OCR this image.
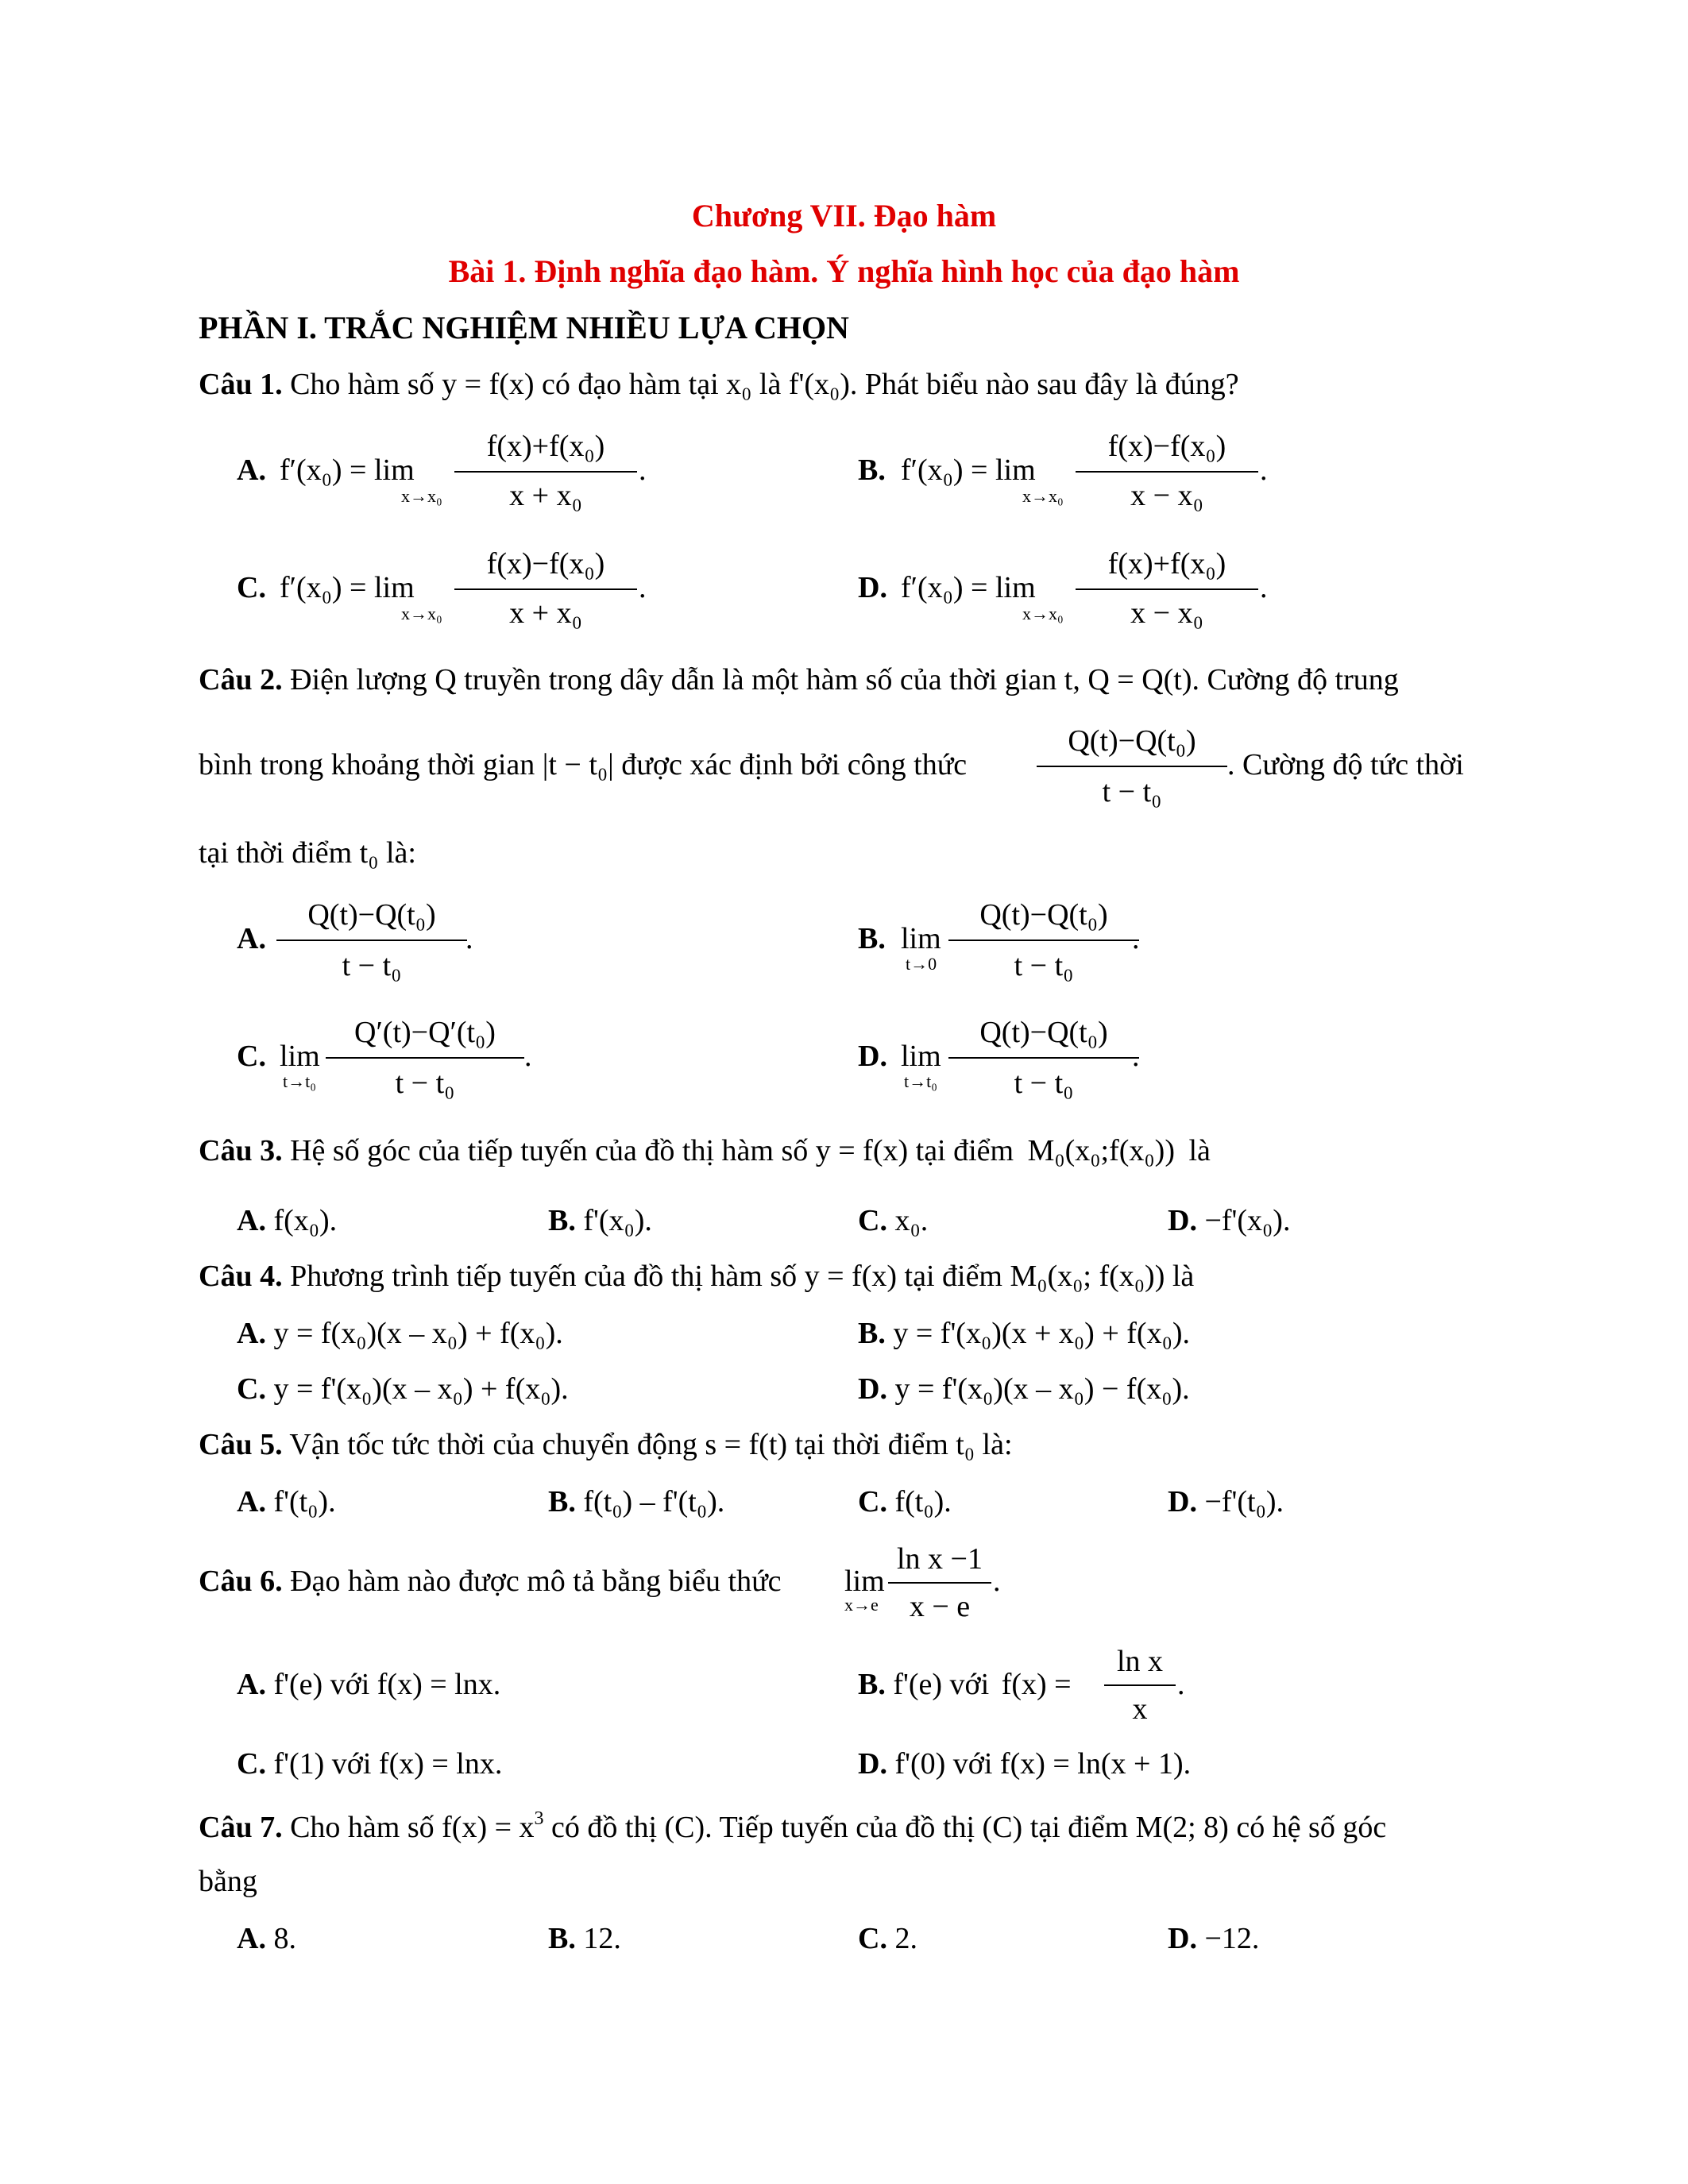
Chương VII. Đạo hàm
Bài 1. Định nghĩa đạo hàm. Ý nghĩa hình học của đạo hàm
PHẦN I. TRẮC NGHIỆM NHIỀU LỰA CHỌN
Câu 1. Cho hàm số y = f(x) có đạo hàm tại x₀ là f'(x₀). Phát biểu nào sau đây là đúng?
A. f′(x₀) = lim
x→x₀
f(x)+f(x₀)
x + x₀
.	B. f′(x₀) = lim
x→x₀
f(x)−f(x₀)
x − x₀
.
C. f′(x₀) = lim
x→x₀
f(x)−f(x₀)
x + x₀
.	D. f′(x₀) = lim
x→x₀
f(x)+f(x₀)
x − x₀
.
Câu 2. Điện lượng Q truyền trong dây dẫn là một hàm số của thời gian t, Q = Q(t). Cường độ trung
bình trong khoảng thời gian |t − t₀| được xác định bởi công thức
Q(t)−Q(t₀)
t − t₀
. Cường độ tức thời
tại thời điểm t₀ là:
A.
Q(t)−Q(t₀)
t − t₀
.	B. lim
t→0
Q(t)−Q(t₀)
t − t₀
.
C. lim
t→t₀
Q′(t)−Q′(t₀)
t − t₀
.	D. lim
t→t₀
Q(t)−Q(t₀)
t − t₀
.
Câu 3. Hệ số góc của tiếp tuyến của đồ thị hàm số y = f(x) tại điểm M₀(x₀;f(x₀)) là
A. f(x₀).	B. f'(x₀).	C. x₀.	D. −f'(x₀).
Câu 4. Phương trình tiếp tuyến của đồ thị hàm số y = f(x) tại điểm M₀(x₀; f(x₀)) là
A. y = f(x₀)(x – x₀) + f(x₀).	B. y = f'(x₀)(x + x₀) + f(x₀).
C. y = f'(x₀)(x – x₀) + f(x₀).	D. y = f'(x₀)(x – x₀) − f(x₀).
Câu 5. Vận tốc tức thời của chuyển động s = f(t) tại thời điểm t₀ là:
A. f'(t₀).	B. f(t₀) – f'(t₀).	C. f(t₀).	D. −f'(t₀).
Câu 6. Đạo hàm nào được mô tả bằng biểu thức lim
x→e
ln x −1
x − e
.
A. f'(e) với f(x) = lnx.	B. f'(e) với f(x) =
ln x
x
.
C. f'(1) với f(x) = lnx.	D. f'(0) với f(x) = ln(x + 1).
Câu 7. Cho hàm số $f(x) = x^3$ có đồ thị (C). Tiếp tuyến của đồ thị (C) tại điểm M(2; 8) có hệ số góc
bằng
A. 8.	B. 12.	C. 2.	D. −12.
